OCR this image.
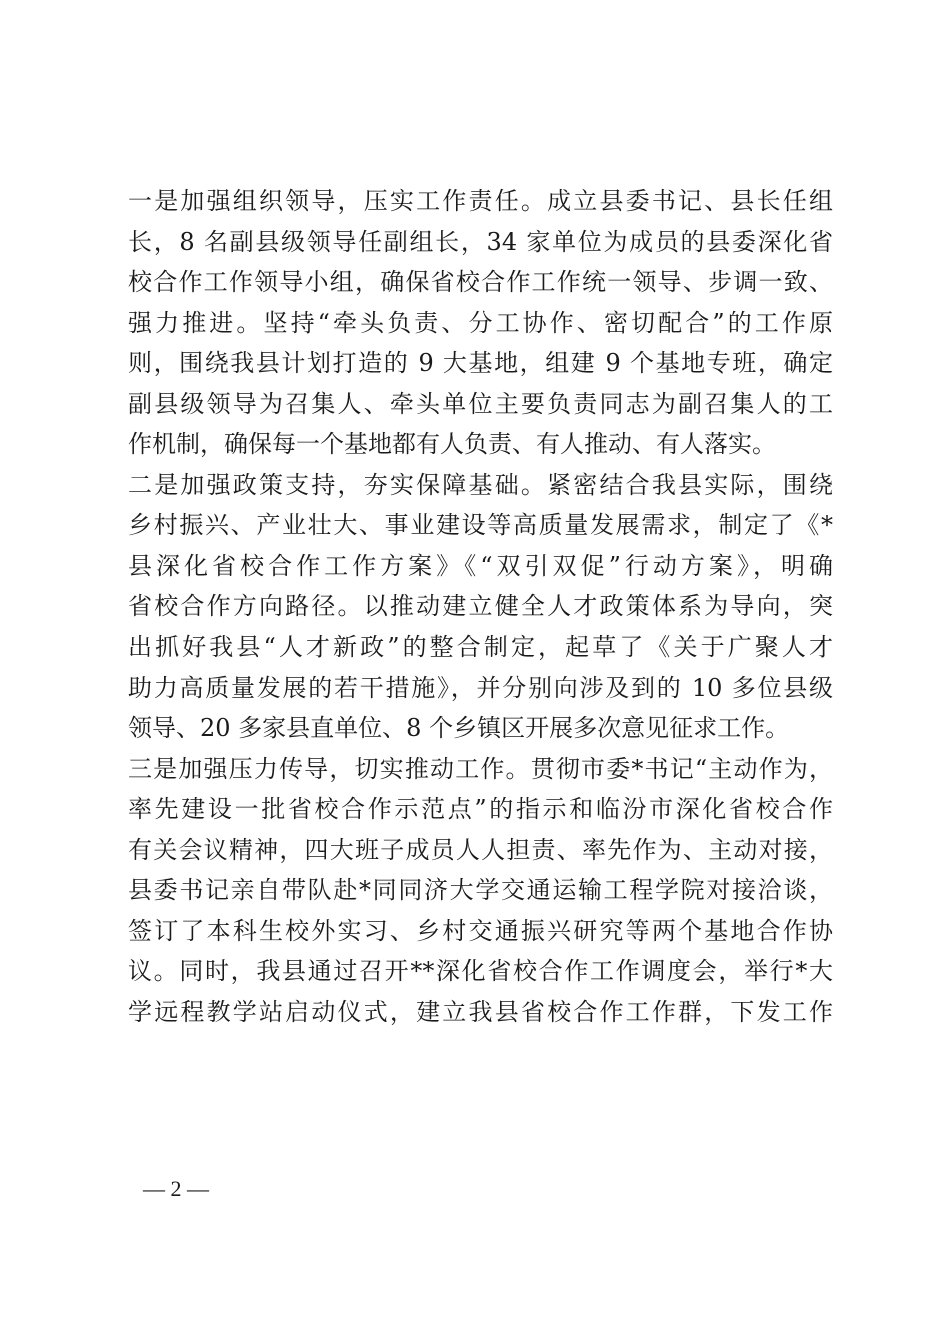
一是加强组织领导，压实工作责任。成立县委书记、县长任组
长，8 名副县级领导任副组长，34 家单位为成员的县委深化省
校合作工作领导小组，确保省校合作工作统一领导、步调一致、
强力推进。坚持“牵头负责、分工协作、密切配合”的工作原
则，围绕我县计划打造的 9 大基地，组建 9 个基地专班，确定
副县级领导为召集人、牵头单位主要负责同志为副召集人的工
作机制，确保每一个基地都有人负责、有人推动、有人落实。
二是加强政策支持，夯实保障基础。紧密结合我县实际，围绕
乡村振兴、产业壮大、事业建设等高质量发展需求，制定了《*
县深化省校合作工作方案》《“双引双促”行动方案》，明确
省校合作方向路径。以推动建立健全人才政策体系为导向，突
出抓好我县“人才新政”的整合制定，起草了《关于广聚人才
助力高质量发展的若干措施》，并分别向涉及到的 10 多位县级
领导、20 多家县直单位、8 个乡镇区开展多次意见征求工作。
三是加强压力传导，切实推动工作。贯彻市委*书记“主动作为，
率先建设一批省校合作示范点”的指示和临汾市深化省校合作
有关会议精神，四大班子成员人人担责、率先作为、主动对接，
县委书记亲自带队赴*同同济大学交通运输工程学院对接洽谈，
签订了本科生校外实习、乡村交通振兴研究等两个基地合作协
议。同时，我县通过召开**深化省校合作工作调度会，举行*大
学远程教学站启动仪式，建立我县省校合作工作群，下发工作
— 2 —
